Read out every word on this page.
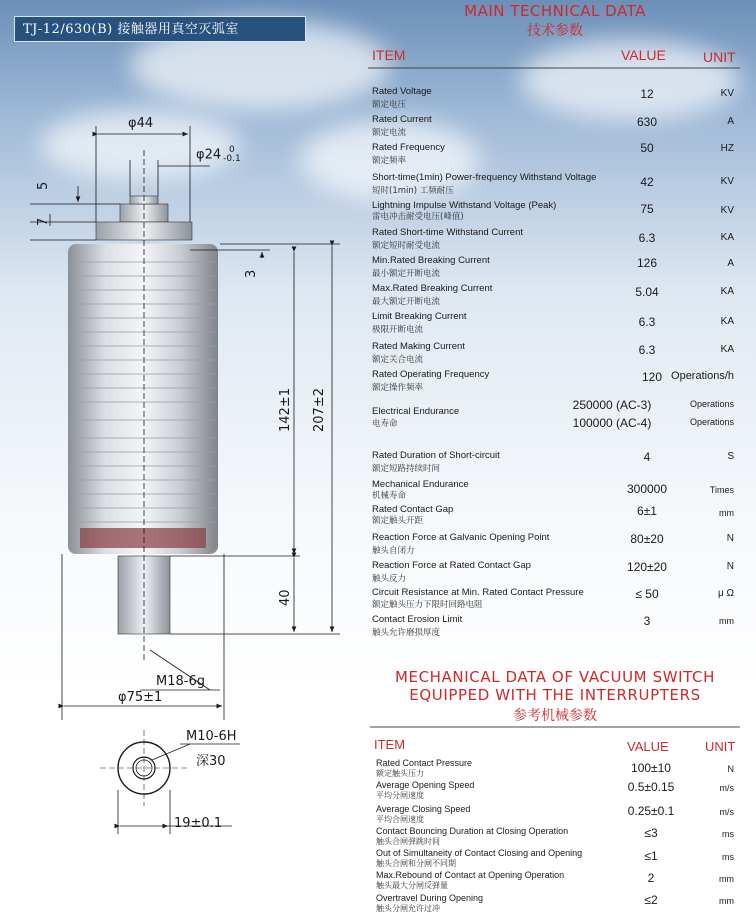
TJ-12/630(B) 接触器用真空灭弧室
φ44
φ24 0
-0.1
5
7
3
142±1 207±2
40
M18-6g
φ75±1
M10-6H
深30
19±0.1
MAIN TECHNICAL DATA
技术参数
ITEM	VALUE	UNIT
Rated Voltage
额定电压
12	KV
Rated Current
额定电流
630	A
Rated Frequency
额定频率
50	HZ
Short-time(1min) Power-frequency Withstand Voltage
短时(1min) 工频耐压
42	KV
Lightning Impulse Withstand Voltage (Peak)
雷电冲击耐受电压(峰值)
75	KV
Rated Short-time Withstand Current
额定短时耐受电流
6.3	KA
Min.Rated Breaking Current
最小额定开断电流
126	A
Max.Rated Breaking Current
最大额定开断电流
5.04	KA
Limit Breaking Current
极限开断电流
6.3	KA
Rated Making Current
额定关合电流
6.3	KA
Rated Operating Frequency
额定操作频率
120 Operations/h
Electrical Endurance
电寿命
250000 (AC-3)	Operations
100000 (AC-4)	Operations
Rated Duration of Short-circuit
额定短路持续时间
4	S
Mechanical Endurance
机械寿命	300000	Times
Rated Contact Gap
额定触头开距
6±1	mm
Reaction Force at Galvanic Opening Point
触头自闭力
80±20	N
Reaction Force at Rated Contact Gap
触头反力
120±20	N
Circuit Resistance at Min. Rated Contact Pressure
额定触头压力下限时回路电阻
≤ 50	μ Ω
Contact Erosion Limit
触头允许磨损厚度
3	mm
MECHANICAL DATA OF VACUUM SWITCH
EQUIPPED WITH THE INTERRUPTERS
参考机械参数
ITEM	VALUE	UNIT
Rated Contact Pressure
额定触头压力	100±10	N
Average Opening Speed
平均分闸速度
0.5±0.15	m/s
Average Closing Speed
平均合闸速度
0.25±0.1	m/s
Contact Bouncing Duration at Closing Operation
触头合闸弹跳时间
≤3	ms
Out of Simultaneity of Contact Closing and Opening
触头合闸和分闸不同期
≤1	ms
Max.Rebound of Contact at Opening Operation
触头最大分闸反弹量
2	mm
Overtravel During Opening
触头分闸允许过冲
≤2	mm
